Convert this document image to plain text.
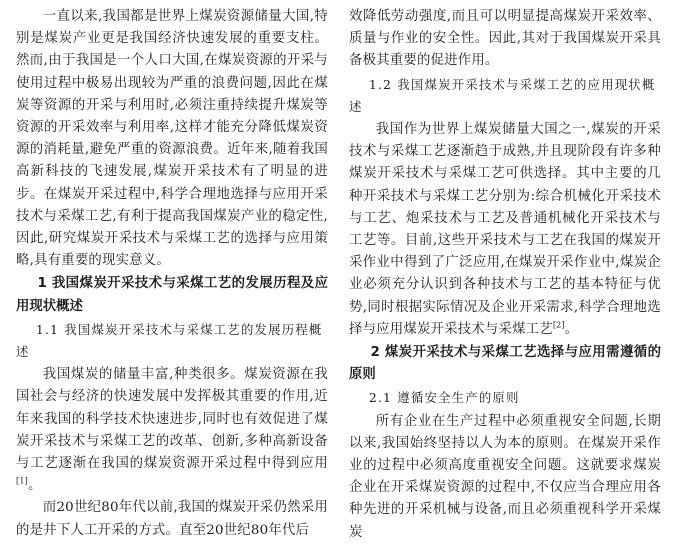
一直以来,我国都是世界上煤炭资源储量大国,特别是煤炭产业更是我国经济快速发展的重要支柱。然而,由于我国是一个人口大国,在煤炭资源的开采与使用过程中极易出现较为严重的浪费问题,因此在煤炭等资源的开采与利用时,必须注重持续提升煤炭等资源的开采效率与利用率,这样才能充分降低煤炭资源的消耗量,避免严重的资源浪费。近年来,随着我国高新科技的飞速发展,煤炭开采技术有了明显的进步。在煤炭开采过程中,科学合理地选择与应用开采技术与采煤工艺,有利于提高我国煤炭产业的稳定性,因此,研究煤炭开采技术与采煤工艺的选择与应用策略,具有重要的现实意义。

1 我国煤炭开采技术与采煤工艺的发展历程及应用现状概述

1.1 我国煤炭开采技术与采煤工艺的发展历程概述

我国煤炭的储量丰富,种类很多。煤炭资源在我国社会与经济的快速发展中发挥极其重要的作用,近年来我国的科学技术快速进步,同时也有效促进了煤炭开采技术与采煤工艺的改革、创新,多种高新设备与工艺逐渐在我国的煤炭资源开采过程中得到应用[1]。

而20世纪80年代以前,我国的煤炭开采仍然采用的是井下人工开采的方式。直至20世纪80年代后

效降低劳动强度,而且可以明显提高煤炭开采效率、质量与作业的安全性。因此,其对于我国煤炭开采具备极其重要的促进作用。

1.2 我国煤炭开采技术与采煤工艺的应用现状概述

我国作为世界上煤炭储量大国之一,煤炭的开采技术与采煤工艺逐渐趋于成熟,并且现阶段有许多种煤炭开采技术与采煤工艺可供选择。其中主要的几种开采技术与采煤工艺分别为:综合机械化开采技术与工艺、炮采技术与工艺及普通机械化开采技术与工艺等。目前,这些开采技术与工艺在我国的煤炭开采作业中得到了广泛应用,在煤炭开采作业中,煤炭企业必须充分认识到各种技术与工艺的基本特征与优势,同时根据实际情况及企业开采需求,科学合理地选择与应用煤炭开采技术与采煤工艺[2]。

2 煤炭开采技术与采煤工艺选择与应用需遵循的原则

2.1 遵循安全生产的原则

所有企业在生产过程中必须重视安全问题,长期以来,我国始终坚持以人为本的原则。在煤炭开采作业的过程中必须高度重视安全问题。这就要求煤炭企业在开采煤炭资源的过程中,不仅应当合理应用各种先进的开采机械与设备,而且必须重视科学开采煤炭
